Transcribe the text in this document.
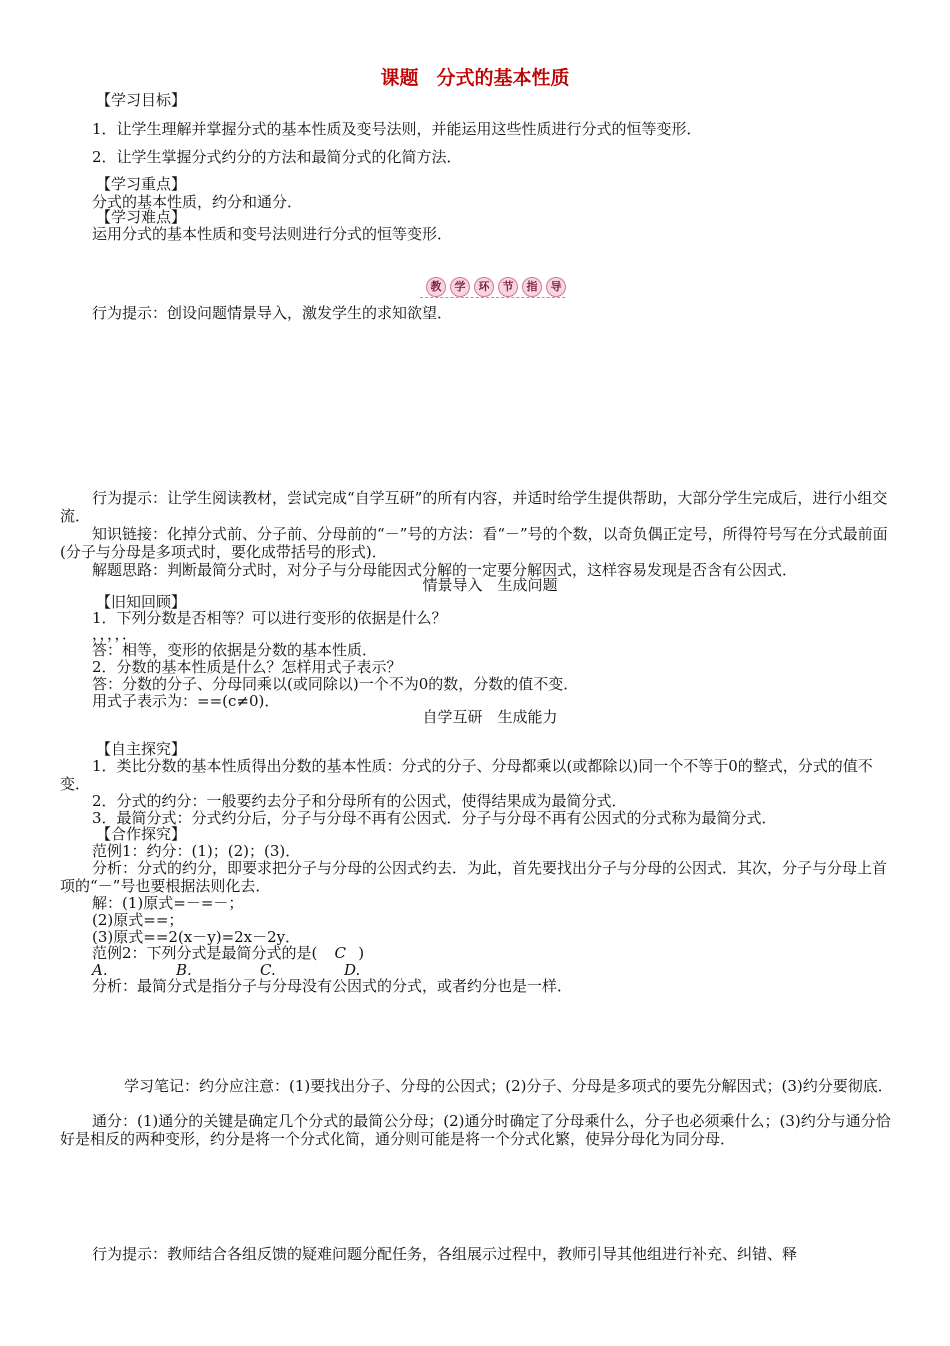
课题 分式的基本性质
【学习目标】
1．让学生理解并掌握分式的基本性质及变号法则，并能运用这些性质进行分式的恒等变形．
2．让学生掌握分式约分的方法和最简分式的化简方法．
【学习重点】
分式的基本性质，约分和通分．
【学习难点】
运用分式的基本性质和变号法则进行分式的恒等变形．
教	学	环	节	指	导
行为提示：创设问题情景导入，激发学生的求知欲望．
行为提示：让学生阅读教材，尝试完成“自学互研”的所有内容，并适时给学生提供帮助，大部分学生完成后，进行小组交流．
知识链接：化掉分式前、分子前、分母前的“－”号的方法：看“－”号的个数，以奇负偶正定号，所得符号写在分式最前面(分子与分母是多项式时，要化成带括号的形式)．
解题思路：判断最简分式时，对分子与分母能因式分解的一定要分解因式，这样容易发现是否含有公因式．
情景导入　生成问题
【旧知回顾】
1．下列分数是否相等？可以进行变形的依据是什么？
，，，，．
答：相等，变形的依据是分数的基本性质．
2．分数的基本性质是什么？怎样用式子表示？
答：分数的分子、分母同乘以(或同除以)一个不为0的数，分数的值不变．
用式子表示为：==(c≠0)．
自学互研　生成能力
【自主探究】
1．类比分数的基本性质得出分数的基本性质：分式的分子、分母都乘以(或都除以)同一个不等于0的整式，分式的值不变．
2．分式的约分：一般要约去分子和分母所有的公因式，使得结果成为最简分式．
3．最简分式：分式约分后，分子与分母不再有公因式．分子与分母不再有公因式的分式称为最简分式．
【合作探究】
范例1：约分：(1)；(2)；(3)．
分析：分式的约分，即要求把分子与分母的公因式约去．为此，首先要找出分子与分母的公因式．其次，分子与分母上首项的“－”号也要根据法则化去．
解：(1)原式=－=－；
(2)原式==；
(3)原式==2(x－y)=2x－2y．
范例2：下列分式是最简分式的是( C )
A.	B.	C.	D.
分析：最简分式是指分子与分母没有公因式的分式，或者约分也是一样．
学习笔记：约分应注意：(1)要找出分子、分母的公因式；(2)分子、分母是多项式的要先分解因式；(3)约分要彻底．
通分：(1)通分的关键是确定几个分式的最简公分母；(2)通分时确定了分母乘什么，分子也必须乘什么；(3)约分与通分恰好是相反的两种变形，约分是将一个分式化简，通分则可能是将一个分式化繁，使异分母化为同分母．
行为提示：教师结合各组反馈的疑难问题分配任务，各组展示过程中，教师引导其他组进行补充、纠错、释
